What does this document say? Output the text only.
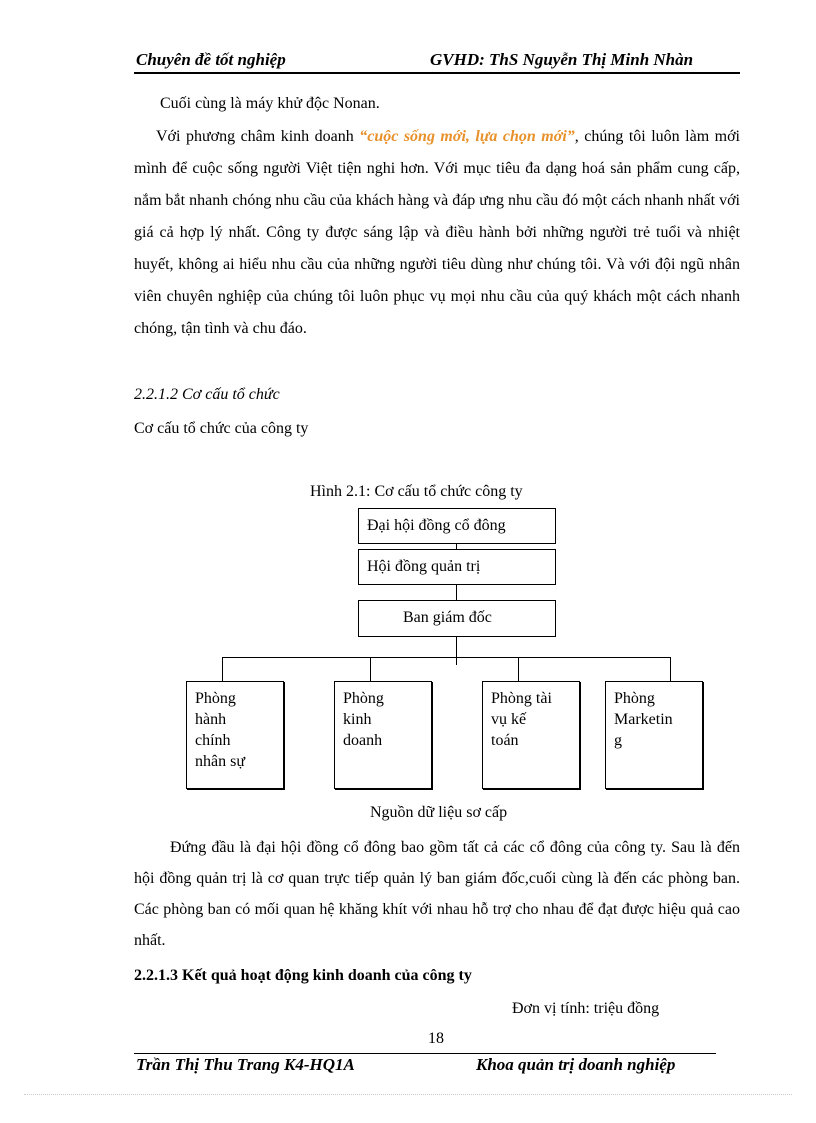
Chuyên đề tốt nghiệp	GVHD: ThS Nguyễn Thị Minh Nhàn
Cuối cùng là máy khử độc Nonan.
Với phương châm kinh doanh “cuộc sống mới, lựa chọn mới”, chúng tôi luôn làm mới mình để cuộc sống người Việt tiện nghi hơn. Với mục tiêu đa dạng hoá sản phẩm cung cấp, nắm bắt nhanh chóng nhu cầu của khách hàng và đáp ưng nhu cầu đó một cách nhanh nhất với giá cả hợp lý nhất. Công ty được sáng lập và điều hành bởi những người trẻ tuổi và nhiệt huyết, không ai hiểu nhu cầu của những người tiêu dùng như chúng tôi. Và với đội ngũ nhân viên chuyên nghiệp của chúng tôi luôn phục vụ mọi nhu cầu của quý khách một cách nhanh chóng, tận tình và chu đáo.
2.2.1.2 Cơ cấu tổ chức
Cơ cấu tổ chức của công ty
Hình 2.1: Cơ cấu tổ chức công ty
Đại hội đồng cổ đông
Hội đồng quản trị
Ban giám đốc
Phòng
hành
chính
nhân sự
Phòng
kinh
doanh
Phòng tài
vụ kế
toán
Phòng
Marketin
g
Nguồn dữ liệu sơ cấp
Đứng đầu là đại hội đồng cổ đông bao gồm tất cả các cổ đông của công ty. Sau là đến hội đồng quản trị là cơ quan trực tiếp quản lý ban giám đốc,cuối cùng là đến các phòng ban. Các phòng ban có mối quan hệ khăng khít với nhau hỗ trợ cho nhau để đạt được hiệu quả cao nhất.
2.2.1.3 Kết quả hoạt động kinh doanh của công ty
Đơn vị tính: triệu đồng
18
Trần Thị Thu Trang K4-HQ1A	Khoa quản trị doanh nghiệp
